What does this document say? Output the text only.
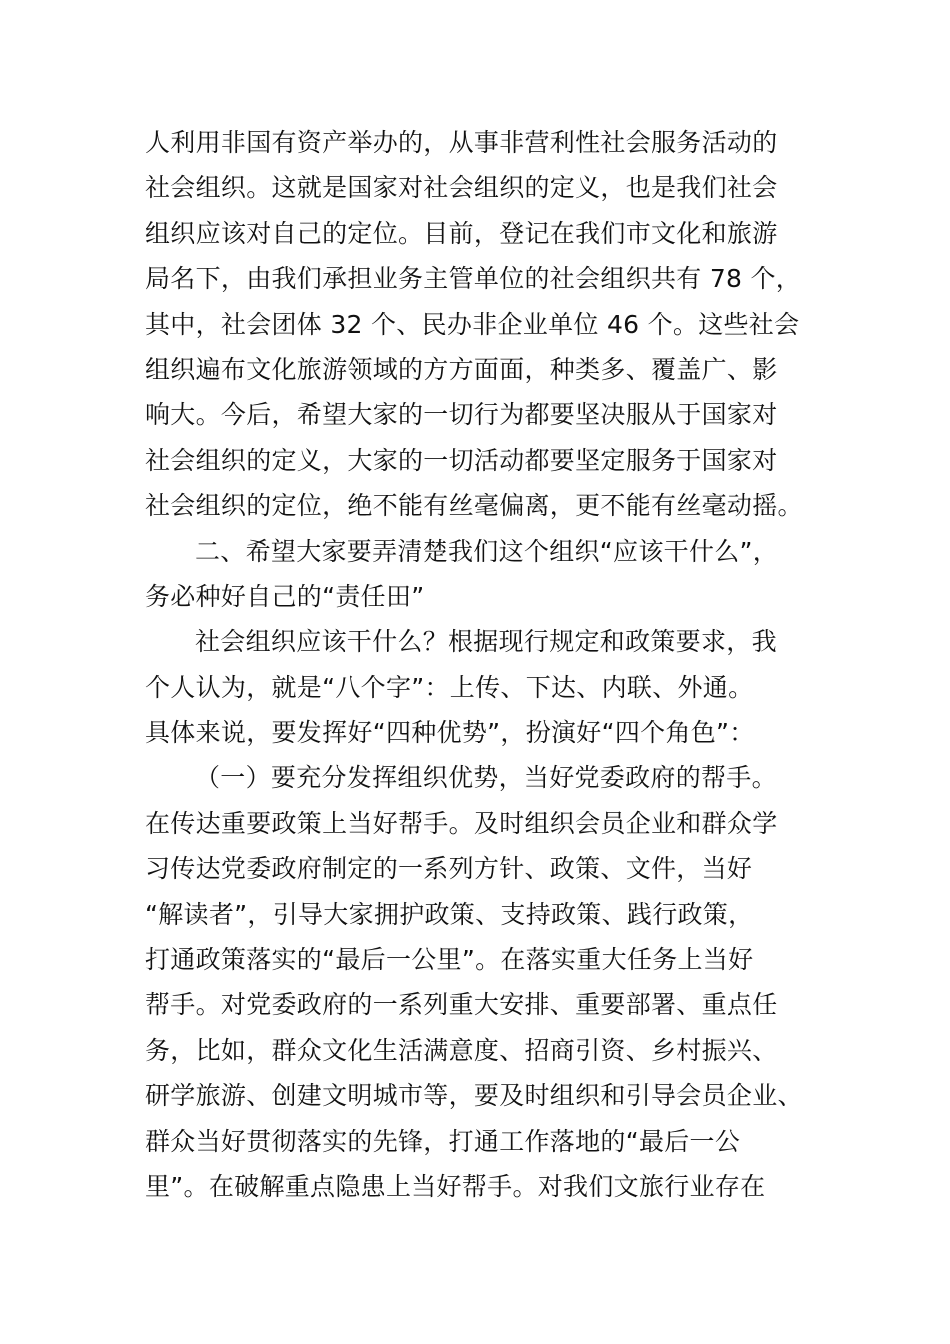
人利用非国有资产举办的，从事非营利性社会服务活动的
社会组织。这就是国家对社会组织的定义，也是我们社会
组织应该对自己的定位。目前，登记在我们市文化和旅游
局名下，由我们承担业务主管单位的社会组织共有 78 个，
其中，社会团体 32 个、民办非企业单位 46 个。这些社会
组织遍布文化旅游领域的方方面面，种类多、覆盖广、影
响大。今后，希望大家的一切行为都要坚决服从于国家对
社会组织的定义，大家的一切活动都要坚定服务于国家对
社会组织的定位，绝不能有丝毫偏离，更不能有丝毫动摇。
二、希望大家要弄清楚我们这个组织“应该干什么”，
务必种好自己的“责任田”
社会组织应该干什么？根据现行规定和政策要求，我
个人认为，就是“八个字”：上传、下达、内联、外通。
具体来说，要发挥好“四种优势”，扮演好“四个角色”：
（一）要充分发挥组织优势，当好党委政府的帮手。
在传达重要政策上当好帮手。及时组织会员企业和群众学
习传达党委政府制定的一系列方针、政策、文件，当好
“解读者”，引导大家拥护政策、支持政策、践行政策，
打通政策落实的“最后一公里”。在落实重大任务上当好
帮手。对党委政府的一系列重大安排、重要部署、重点任
务，比如，群众文化生活满意度、招商引资、乡村振兴、
研学旅游、创建文明城市等，要及时组织和引导会员企业、
群众当好贯彻落实的先锋，打通工作落地的“最后一公
里”。在破解重点隐患上当好帮手。对我们文旅行业存在
